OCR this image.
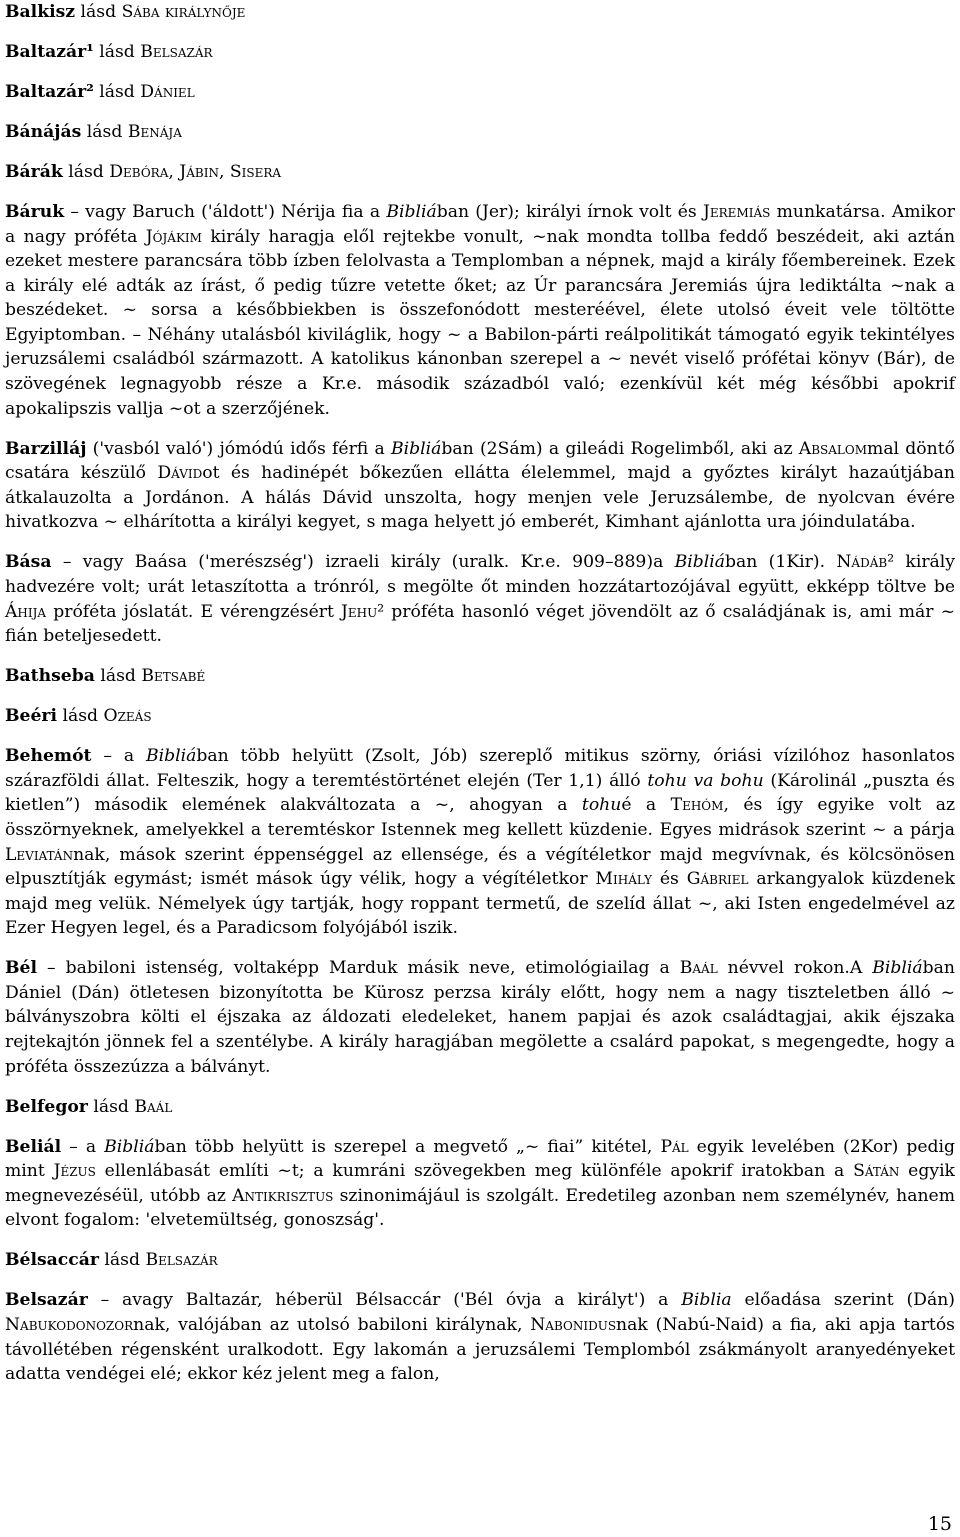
Balkisz lásd Sába királynője

Baltazár¹ lásd Belsazár

Baltazár² lásd Dániel

Bánájás lásd Benája

Bárák lásd Debóra, Jábin, Sisera

Báruk – vagy Baruch ('áldott') Nérija fia a Bibliában (Jer); királyi írnok volt és Jeremiás munkatársa. Amikor a nagy próféta Jójákim király haragja elől rejtekbe vonult, ~nak mondta tollba feddő beszédeit, aki aztán ezeket mestere parancsára több ízben felolvasta a Templomban a népnek, majd a király főembereinek. Ezek a király elé adták az írást, ő pedig tűzre vetette őket; az Úr parancsára Jeremiás újra lediktálta ~nak a beszédeket. ~ sorsa a későbbiekben is összefonódott mesteréével, élete utolsó éveit vele töltötte Egyiptomban. – Néhány utalásból kiviláglik, hogy ~ a Babilon-párti reálpolitikát támogató egyik tekintélyes jeruzsálemi családból származott. A katolikus kánonban szerepel a ~ nevét viselő prófétai könyv (Bár), de szövegének legnagyobb része a Kr.e. második századból való; ezenkívül két még későbbi apokrif apokalipszis vallja ~ot a szerzőjének.

Barzilláj ('vasból való') jómódú idős férfi a Bibliában (2Sám) a gileádi Rogelimből, aki az Absalommal döntő csatára készülő Dávidot és hadinépét bőkezűen ellátta élelemmel, majd a győztes királyt hazaútjában átkalauzolta a Jordánon. A hálás Dávid unszolta, hogy menjen vele Jeruzsálembe, de nyolcvan évére hivatkozva ~ elhárította a királyi kegyet, s maga helyett jó emberét, Kimhant ajánlotta ura jóindulatába.

Bása – vagy Baása ('merészség') izraeli király (uralk. Kr.e. 909–889)a Bibliában (1Kir). Nádáb² király hadvezére volt; urát letaszította a trónról, s megölte őt minden hozzátartozójával együtt, ekképp töltve be Áhija próféta jóslatát. E vérengzésért Jehu² próféta hasonló véget jövendölt az ő családjának is, ami már ~ fián beteljesedett.

Bathseba lásd Betsabé

Beéri lásd Ozeás

Behemót – a Bibliában több helyütt (Zsolt, Jób) szereplő mitikus szörny, óriási vízilóhoz hasonlatos szárazföldi állat. Felteszik, hogy a teremtéstörténet elején (Ter 1,1) álló tohu va bohu (Károlinál „puszta és kietlen”) második elemének alakváltozata a ~, ahogyan a tohué a Tehóm, és így egyike volt az összörnyeknek, amelyekkel a teremtéskor Istennek meg kellett küzdenie. Egyes midrások szerint ~ a párja Leviatánnak, mások szerint éppenséggel az ellensége, és a végítéletkor majd megvívnak, és kölcsönösen elpusztítják egymást; ismét mások úgy vélik, hogy a végítéletkor Mihály és Gábriel arkangyalok küzdenek majd meg velük. Némelyek úgy tartják, hogy roppant termetű, de szelíd állat ~, aki Isten engedelmével az Ezer Hegyen legel, és a Paradicsom folyójából iszik.

Bél – babiloni istenség, voltaképp Marduk másik neve, etimológiailag a Baál névvel rokon.A Bibliában Dániel (Dán) ötletesen bizonyította be Kürosz perzsa király előtt, hogy nem a nagy tiszteletben álló ~ bálványszobra költi el éjszaka az áldozati eledeleket, hanem papjai és azok családtagjai, akik éjszaka rejtekajtón jönnek fel a szentélybe. A király haragjában megölette a csalárd papokat, s megengedte, hogy a próféta összezúzza a bálványt.

Belfegor lásd Baál

Beliál – a Bibliában több helyütt is szerepel a megvető „~ fiai” kitétel, Pál egyik levelében (2Kor) pedig mint Jézus ellenlábasát említi ~t; a kumráni szövegekben meg különféle apokrif iratokban a Sátán egyik megnevezéséül, utóbb az Antikrisztus szinonimájául is szolgált. Eredetileg azonban nem személynév, hanem elvont fogalom: 'elvetemültség, gonoszság'.

Bélsaccár lásd Belsazár

Belsazár – avagy Baltazár, héberül Bélsaccár ('Bél óvja a királyt') a Biblia előadása szerint (Dán) Nabukodonozornak, valójában az utolsó babiloni királynak, Nabonidusnak (Nabú-Naid) a fia, aki apja tartós távollétében régensként uralkodott. Egy lakomán a jeruzsálemi Templomból zsákmányolt aranyedényeket adatta vendégei elé; ekkor kéz jelent meg a falon,

15
